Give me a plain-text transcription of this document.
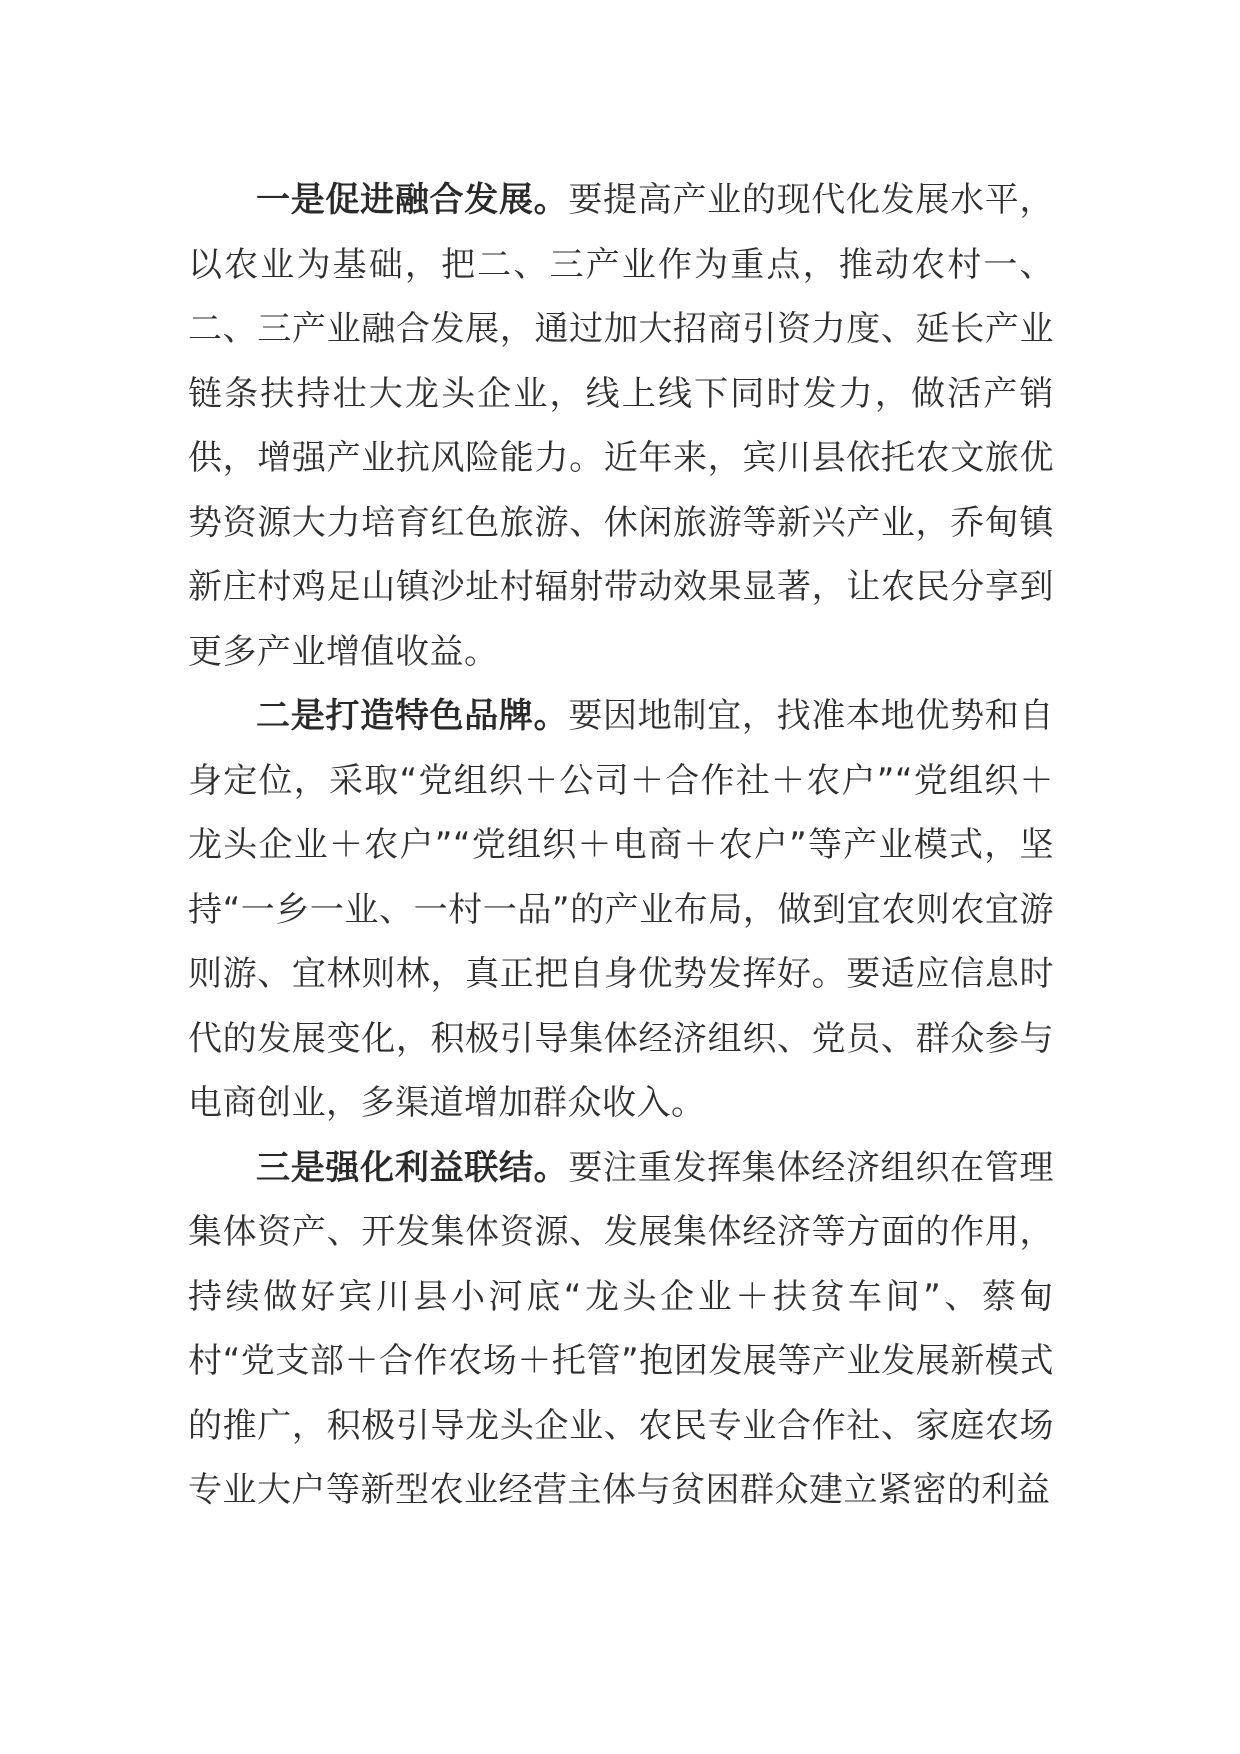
一是促进融合发展。要提高产业的现代化发展水平，以农业为基础，把二、三产业作为重点，推动农村一、二、三产业融合发展，通过加大招商引资力度、延长产业链条扶持壮大龙头企业，线上线下同时发力，做活产销供，增强产业抗风险能力。近年来，宾川县依托农文旅优势资源大力培育红色旅游、休闲旅游等新兴产业，乔甸镇新庄村鸡足山镇沙址村辐射带动效果显著，让农民分享到更多产业增值收益。

二是打造特色品牌。要因地制宜，找准本地优势和自身定位，采取“党组织＋公司＋合作社＋农户”“党组织＋龙头企业＋农户”“党组织＋电商＋农户”等产业模式，坚持“一乡一业、一村一品”的产业布局，做到宜农则农宜游则游、宜林则林，真正把自身优势发挥好。要适应信息时代的发展变化，积极引导集体经济组织、党员、群众参与电商创业，多渠道增加群众收入。

三是强化利益联结。要注重发挥集体经济组织在管理集体资产、开发集体资源、发展集体经济等方面的作用，持续做好宾川县小河底“龙头企业＋扶贫车间”、蔡甸村“党支部＋合作农场＋托管”抱团发展等产业发展新模式的推广，积极引导龙头企业、农民专业合作社、家庭农场专业大户等新型农业经营主体与贫困群众建立紧密的利益
